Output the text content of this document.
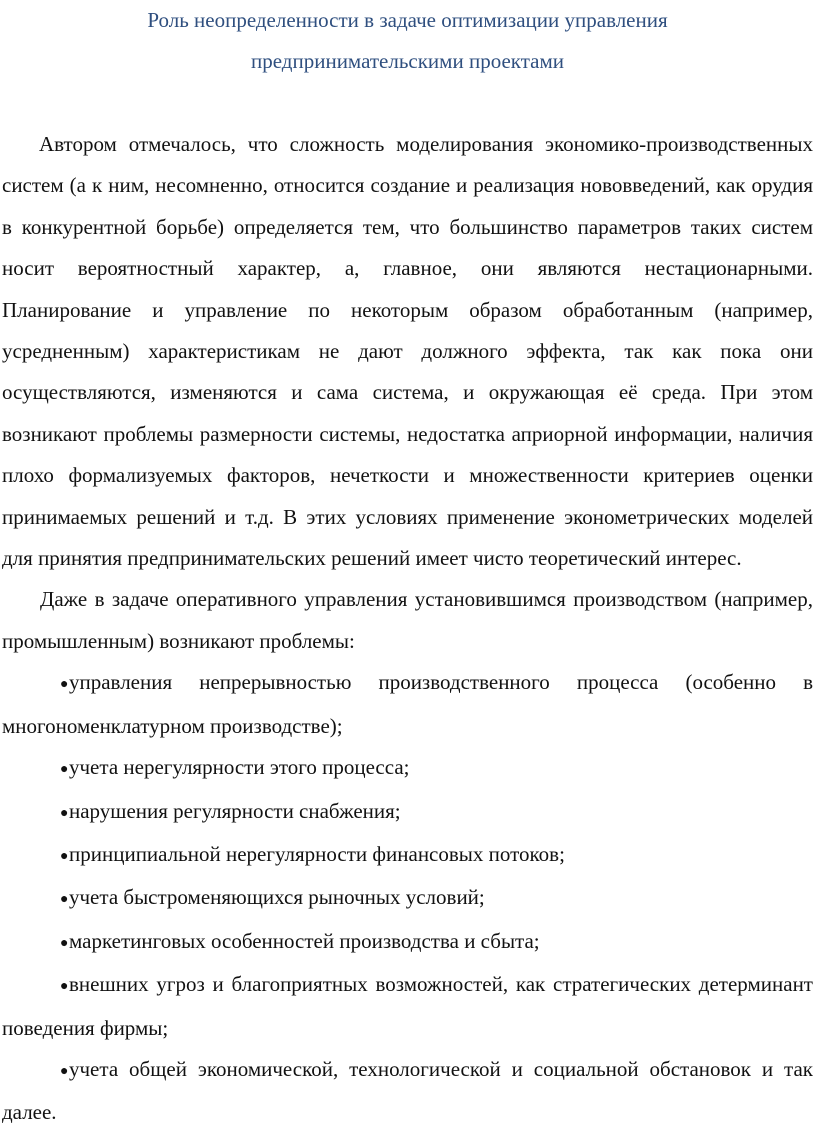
Роль неопределенности в задаче оптимизации управления
предпринимательскими проектами

Автором отмечалось, что сложность моделирования экономико-производственных систем (а к ним, несомненно, относится создание и реализация нововведений, как орудия в конкурентной борьбе) определяется тем, что большинство параметров таких систем носит вероятностный характер, а, главное, они являются нестационарными. Планирование и управление по некоторым образом обработанным (например, усредненным) характеристикам не дают должного эффекта, так как пока они осуществляются, изменяются и сама система, и окружающая её среда. При этом возникают проблемы размерности системы, недостатка априорной информации, наличия плохо формализуемых факторов, нечеткости и множественности критериев оценки принимаемых решений и т.д. В этих условиях применение эконометрических моделей для принятия предпринимательских решений имеет чисто теоретический интерес.

Даже в задаче оперативного управления установившимся производством (например, промышленным) возникают проблемы:

●управления непрерывностью производственного процесса (особенно в многономенклатурном производстве);
●учета нерегулярности этого процесса;
●нарушения регулярности снабжения;
●принципиальной нерегулярности финансовых потоков;
●учета быстроменяющихся рыночных условий;
●маркетинговых особенностей производства и сбыта;
●внешних угроз и благоприятных возможностей, как стратегических детерминант поведения фирмы;
●учета общей экономической, технологической и социальной обстановок и так далее.
